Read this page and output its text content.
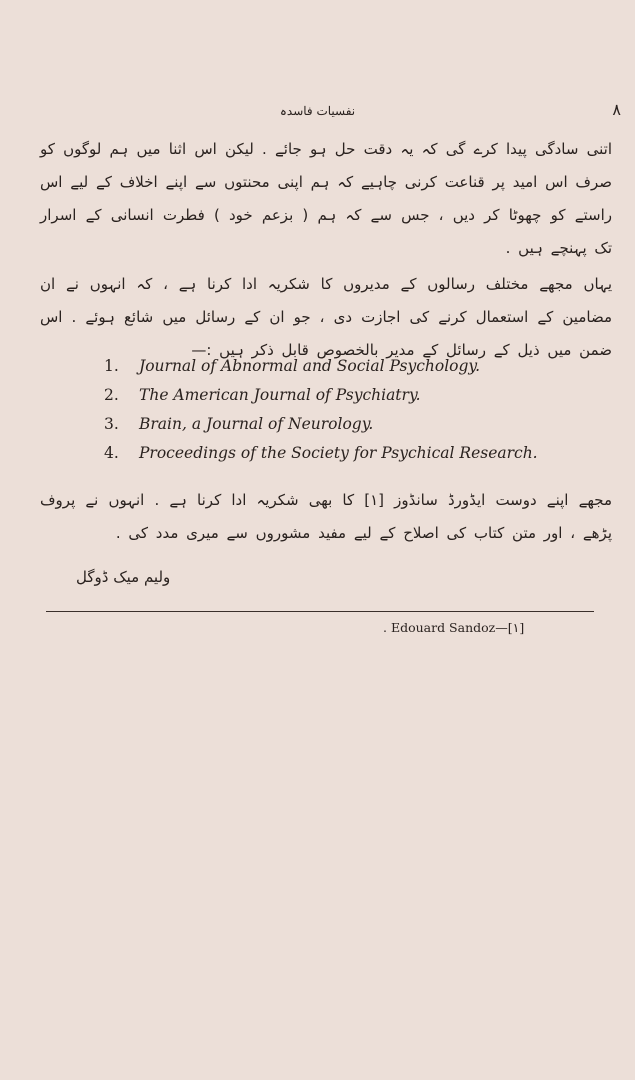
نفسیات فاسدہ	۸
اتنی سادگی پیدا کرے گی کہ یہ دقت حل ہو جائے . لیکن اس اثنا میں ہم لوگوں کو صرف اس امید پر قناعت کرنی چاہیے کہ ہم اپنی محنتوں سے اپنے اخلاف کے لیے اس راستے کو چھوٹا کر دیں ، جس سے کہ ہم ( بزعم خود ) فطرت انسانی کے اسرار تک پہنچے ہیں .
یہاں مجھے مختلف رسالوں کے مدیروں کا شکریہ ادا کرنا ہے ، کہ انہوں نے ان مضامین کے استعمال کرنے کی اجازت دی ، جو ان کے رسائل میں شائع ہوئے . اس ضمن میں ذیل کے رسائل کے مدیر بالخصوص قابل ذکر ہیں :—
1.	Journal of Abnormal and Social Psychology.
2.	The American Journal of Psychiatry.
3.	Brain, a Journal of Neurology.
4.	Proceedings of the Society for Psychical Research.
مجھے اپنے دوست ایڈورڈ سانڈوز [۱] کا بھی شکریہ ادا کرنا ہے . انہوں نے پروف پڑھے ، اور متن کتاب کی اصلاح کے لیے مفید مشوروں سے میری مدد کی .
ولیم میک ڈوگل
. Edouard Sandoz—[۱]
